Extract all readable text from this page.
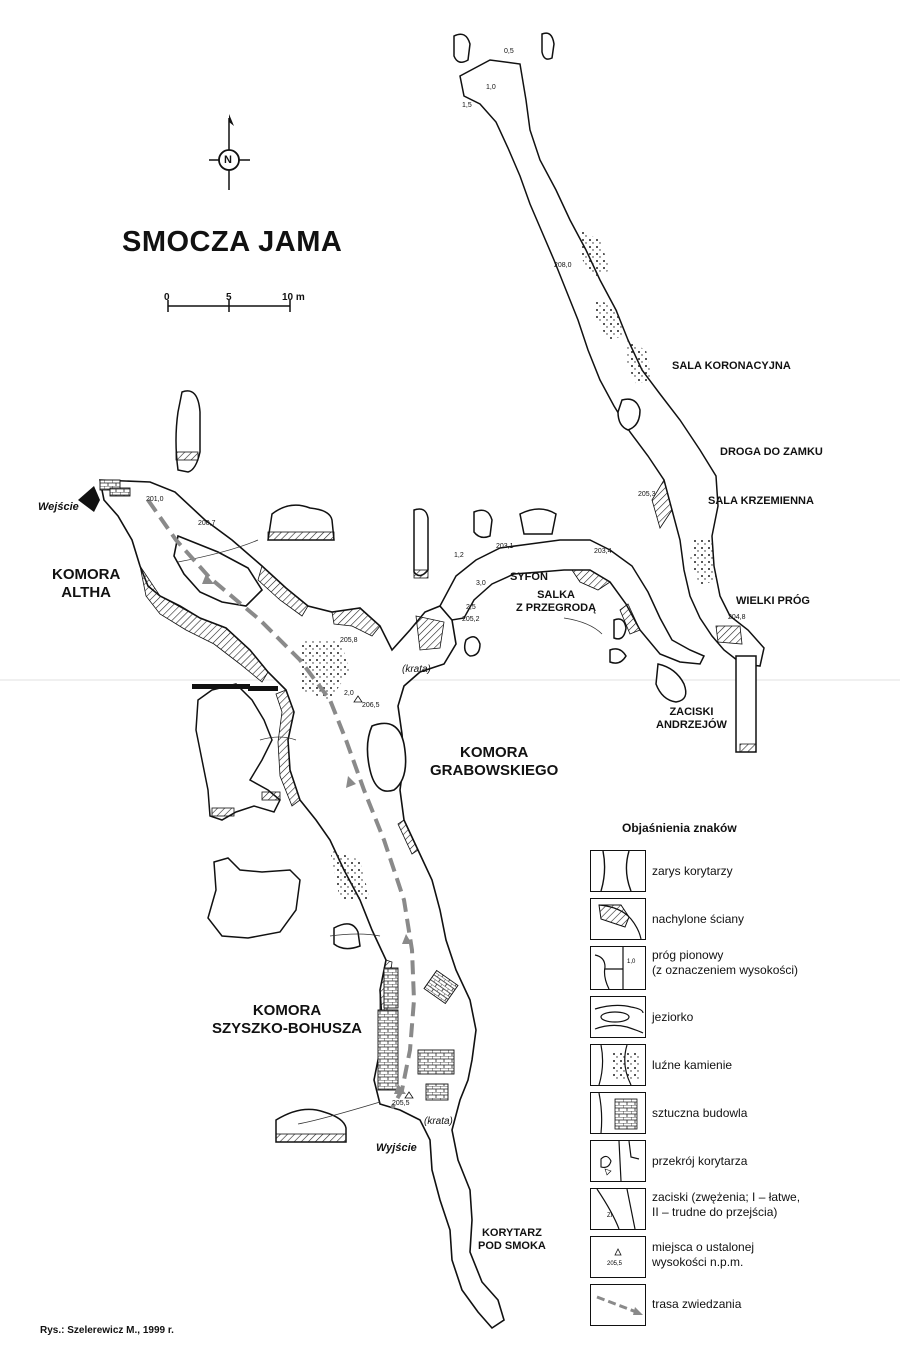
SMOCZA JAMA
N
0	5	10 m
Wejście
Wyjście
(krata)
(krata)
KOMORA
ALTHA
KOMORA
GRABOWSKIEGO
KOMORA
SZYSZKO-BOHUSZA
SALA KORONACYJNA
DROGA DO ZAMKU
SALA KRZEMIENNA
WIELKI PRÓG
SYFON
SALKA
Z PRZEGRODĄ
ZACISKI
ANDRZEJÓW
KORYTARZ
POD SMOKA
201,0
200,7
205,8
206,5
205,2
203,1
203,4
205,3
204,8
208,0
205,5
1,0
0,5
1,5
3,0
2,0
2,5
1,2
Objaśnienia znaków
zarys korytarzy
nachylone ściany
1,0 próg pionowy
(z oznaczeniem wysokości)
jeziorko
luźne kamienie
sztuczna budowla
przekrój korytarza
ZI
zaciski (zwężenia; I – łatwe,
II – trudne do przejścia)
205,5
miejsca o ustalonej
wysokości n.p.m.
trasa zwiedzania
Rys.: Szelerewicz M., 1999 r.
